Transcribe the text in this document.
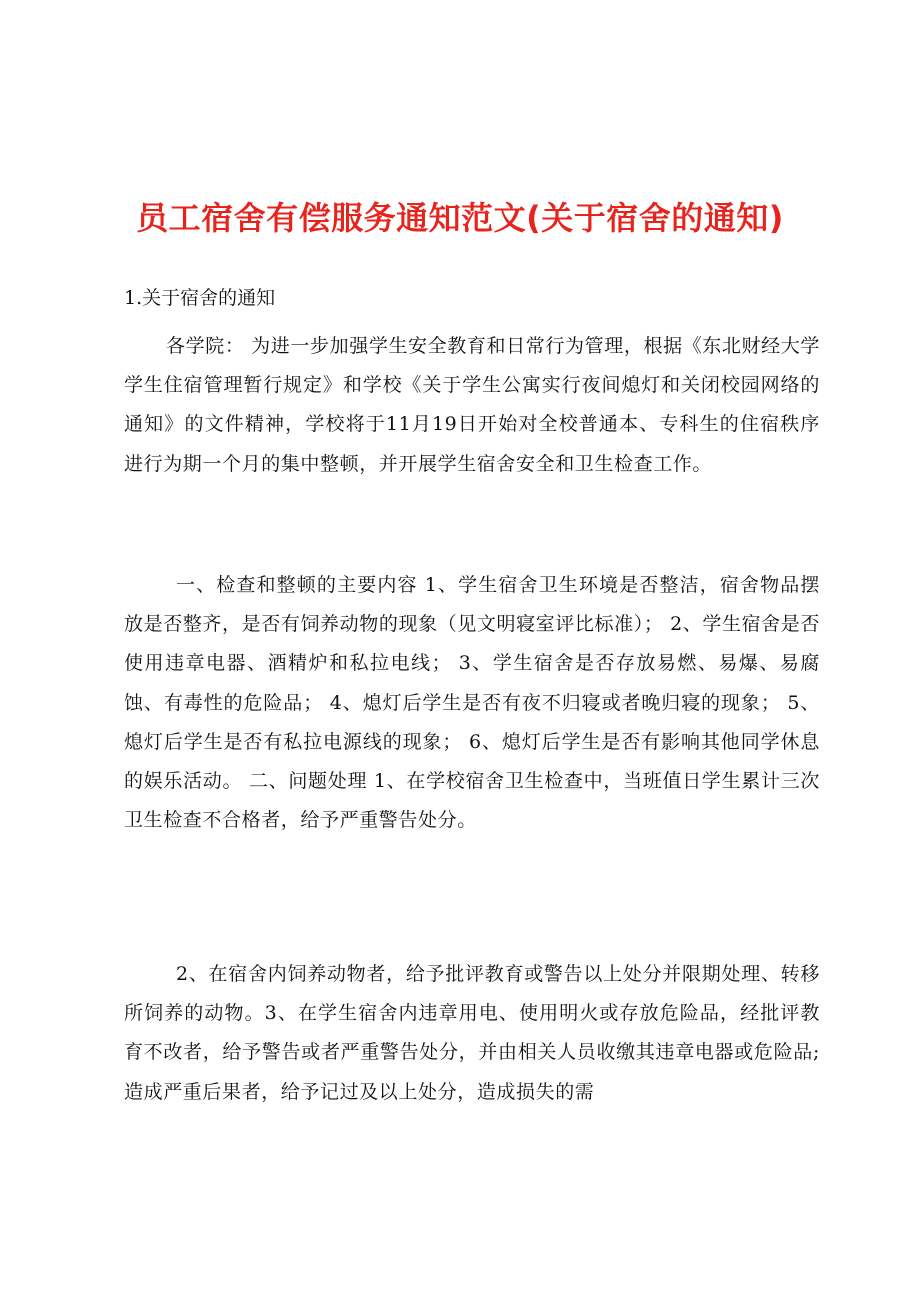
员工宿舍有偿服务通知范文(关于宿舍的通知)
1.关于宿舍的通知
各学院： 为进一步加强学生安全教育和日常行为管理，根据《东北财经大学学生住宿管理暂行规定》和学校《关于学生公寓实行夜间熄灯和关闭校园网络的通知》的文件精神，学校将于11月19日开始对全校普通本、专科生的住宿秩序进行为期一个月的集中整顿，并开展学生宿舍安全和卫生检查工作。
一、检查和整顿的主要内容 1、学生宿舍卫生环境是否整洁，宿舍物品摆放是否整齐，是否有饲养动物的现象（见文明寝室评比标准）； 2、学生宿舍是否使用违章电器、酒精炉和私拉电线； 3、学生宿舍是否存放易燃、易爆、易腐蚀、有毒性的危险品； 4、熄灯后学生是否有夜不归寝或者晚归寝的现象； 5、熄灯后学生是否有私拉电源线的现象； 6、熄灯后学生是否有影响其他同学休息的娱乐活动。 二、问题处理 1、在学校宿舍卫生检查中，当班值日学生累计三次卫生检查不合格者，给予严重警告处分。
2、在宿舍内饲养动物者，给予批评教育或警告以上处分并限期处理、转移所饲养的动物。3、在学生宿舍内违章用电、使用明火或存放危险品，经批评教育不改者，给予警告或者严重警告处分，并由相关人员收缴其违章电器或危险品;造成严重后果者，给予记过及以上处分，造成损失的需
